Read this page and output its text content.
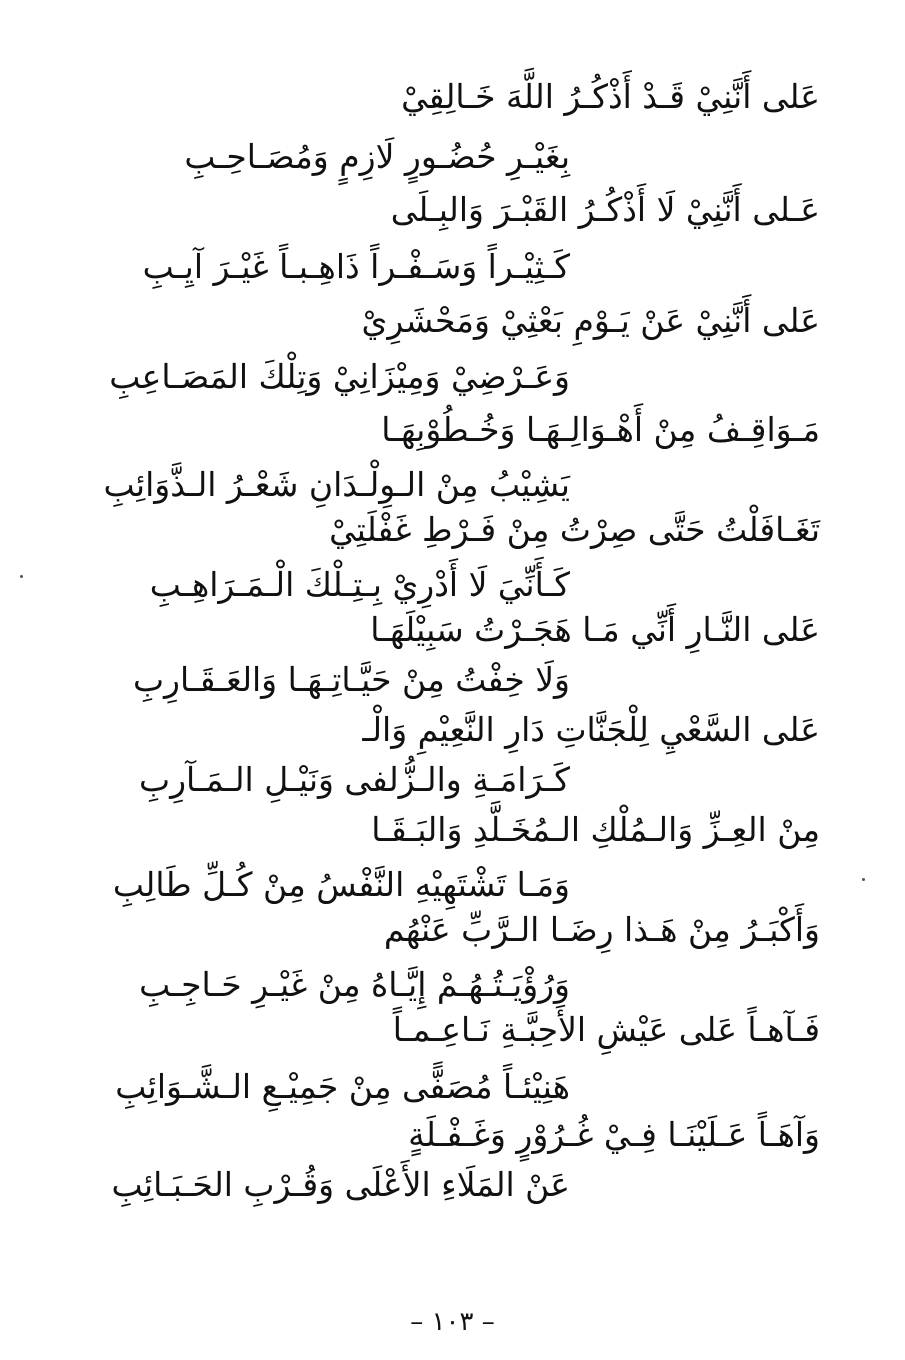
عَلى أَنَّنِيْ قَـدْ أَذْكُـرُ اللَّهَ خَـالِقِيْ
بِغَيْـرِ حُضُـورٍ لَازِمٍ وَمُصَـاحِـبِ
عَـلى أَنَّنِيْ لَا أَذْكُـرُ القَبْـرَ وَالبِـلَى
كَـثِيْـراً وَسَـفْـراً ذَاهِـبـاً غَيْـرَ آيِـبِ
عَلى أَنَّنِيْ عَنْ يَـوْمِ بَعْثِيْ وَمَحْشَرِيْ
وَعَـرْضِيْ وَمِيْزَانِيْ وَتِلْكَ المَصَـاعِبِ
مَـوَاقِـفُ مِنْ أَهْـوَالِـهَـا وَخُـطُوْبِهَـا
يَشِيْبُ مِنْ الـوِلْـدَانِ شَعْـرُ الـذَّوَائِبِ
تَغَـافَلْتُ حَتَّى صِرْتُ مِنْ فَـرْطِ غَفْلَتِيْ
كَـأَنِّيَ لَا أَدْرِيْ بِـتِـلْكَ الْـمَـرَاهِـبِ
عَلى النَّـارِ أَنِّي مَـا هَجَـرْتُ سَبِيْلَهَـا
وَلَا خِفْتُ مِنْ حَيَّـاتِـهَـا وَالعَـقَـارِبِ
عَلى السَّعْيِ لِلْجَنَّاتِ دَارِ النَّعِيْمِ وَالْـ
كَـرَامَـةِ والـزُّلفى وَنَيْـلِ الـمَـآرِبِ
مِنْ العِـزِّ وَالـمُلْكِ الـمُخَـلَّدِ وَالبَـقَـا
وَمَـا تَشْتَهِيْهِ النَّفْسُ مِنْ كُـلِّ طَالِبِ
وَأَكْبَـرُ مِنْ هَـذا رِضَـا الـرَّبِّ عَنْهُم
وَرُؤْيَـتُـهُـمْ إِيَّـاهُ مِنْ غَيْـرِ حَـاجِـبِ
فَـآهـاً عَلى عَيْشِ الأَحِبَّـةِ نَـاعِـمـاً
هَنِيْئـاً مُصَفًّى مِنْ جَمِيْـعِ الـشَّـوَائِبِ
وَآهَـاً عَـلَيْنَـا فِـيْ غُـرُوْرٍ وَغَـفْـلَةٍ
عَنْ المَلَاءِ الأَعْلَى وَقُـرْبِ الحَـبَـائِبِ
– ١٠٣ –
